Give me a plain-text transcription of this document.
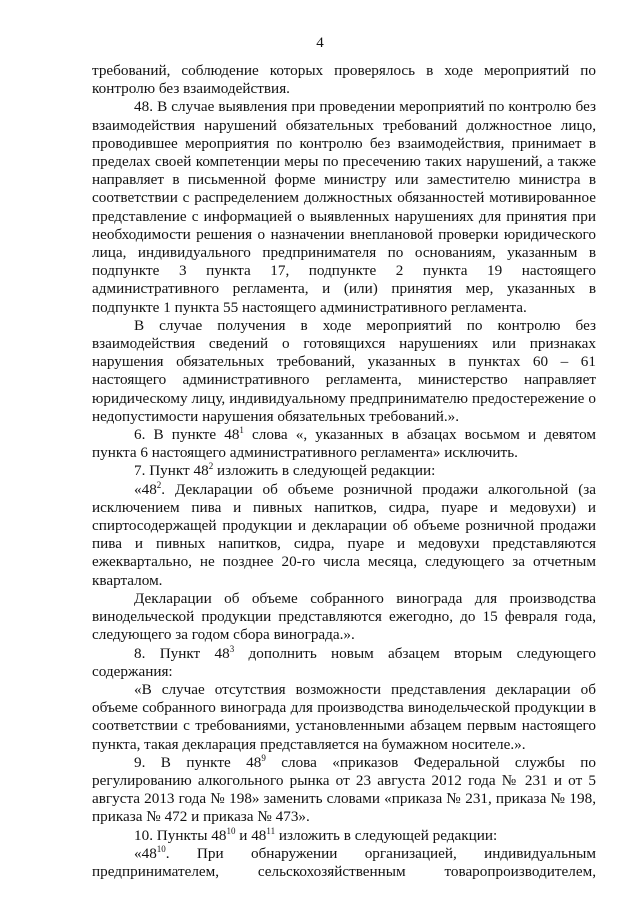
4

требований, соблюдение которых проверялось в ходе мероприятий по контролю без взаимодействия.

48. В случае выявления при проведении мероприятий по контролю без взаимодействия нарушений обязательных требований должностное лицо, проводившее мероприятия по контролю без взаимодействия, принимает в пределах своей компетенции меры по пресечению таких нарушений, а также направляет в письменной форме министру или заместителю министра в соответствии с распределением должностных обязанностей мотивированное представление с информацией о выявленных нарушениях для принятия при необходимости решения о назначении внеплановой проверки юридического лица, индивидуального предпринимателя по основаниям, указанным в подпункте 3 пункта 17, подпункте 2 пункта 19 настоящего административного регламента, и (или) принятия мер, указанных в подпункте 1 пункта 55 настоящего административного регламента.

В случае получения в ходе мероприятий по контролю без взаимодействия сведений о готовящихся нарушениях или признаках нарушения обязательных требований, указанных в пунктах 60 – 61 настоящего административного регламента, министерство направляет юридическому лицу, индивидуальному предпринимателю предостережение о недопустимости нарушения обязательных требований.».

6. В пункте $48^1$ слова «, указанных в абзацах восьмом и девятом пункта 6 настоящего административного регламента» исключить.

7. Пункт $48^2$ изложить в следующей редакции:

«$48^2$. Декларации об объеме розничной продажи алкогольной (за исключением пива и пивных напитков, сидра, пуаре и медовухи) и спиртосодержащей продукции и декларации об объеме розничной продажи пива и пивных напитков, сидра, пуаре и медовухи представляются ежеквартально, не позднее 20-го числа месяца, следующего за отчетным кварталом.

Декларации об объеме собранного винограда для производства винодельческой продукции представляются ежегодно, до 15 февраля года, следующего за годом сбора винограда.».

8. Пункт $48^3$ дополнить новым абзацем вторым следующего содержания:

«В случае отсутствия возможности представления декларации об объеме собранного винограда для производства винодельческой продукции в соответствии с требованиями, установленными абзацем первым настоящего пункта, такая декларация представляется на бумажном носителе.».

9. В пункте $48^9$ слова «приказов Федеральной службы по регулированию алкогольного рынка от 23 августа 2012 года № 231 и от 5 августа 2013 года № 198» заменить словами «приказа № 231, приказа № 198, приказа № 472 и приказа № 473».

10. Пункты $48^{10}$ и $48^{11}$ изложить в следующей редакции:

«$48^{10}$. При обнаружении организацией, индивидуальным предпринимателем, сельскохозяйственным товаропроизводителем,
